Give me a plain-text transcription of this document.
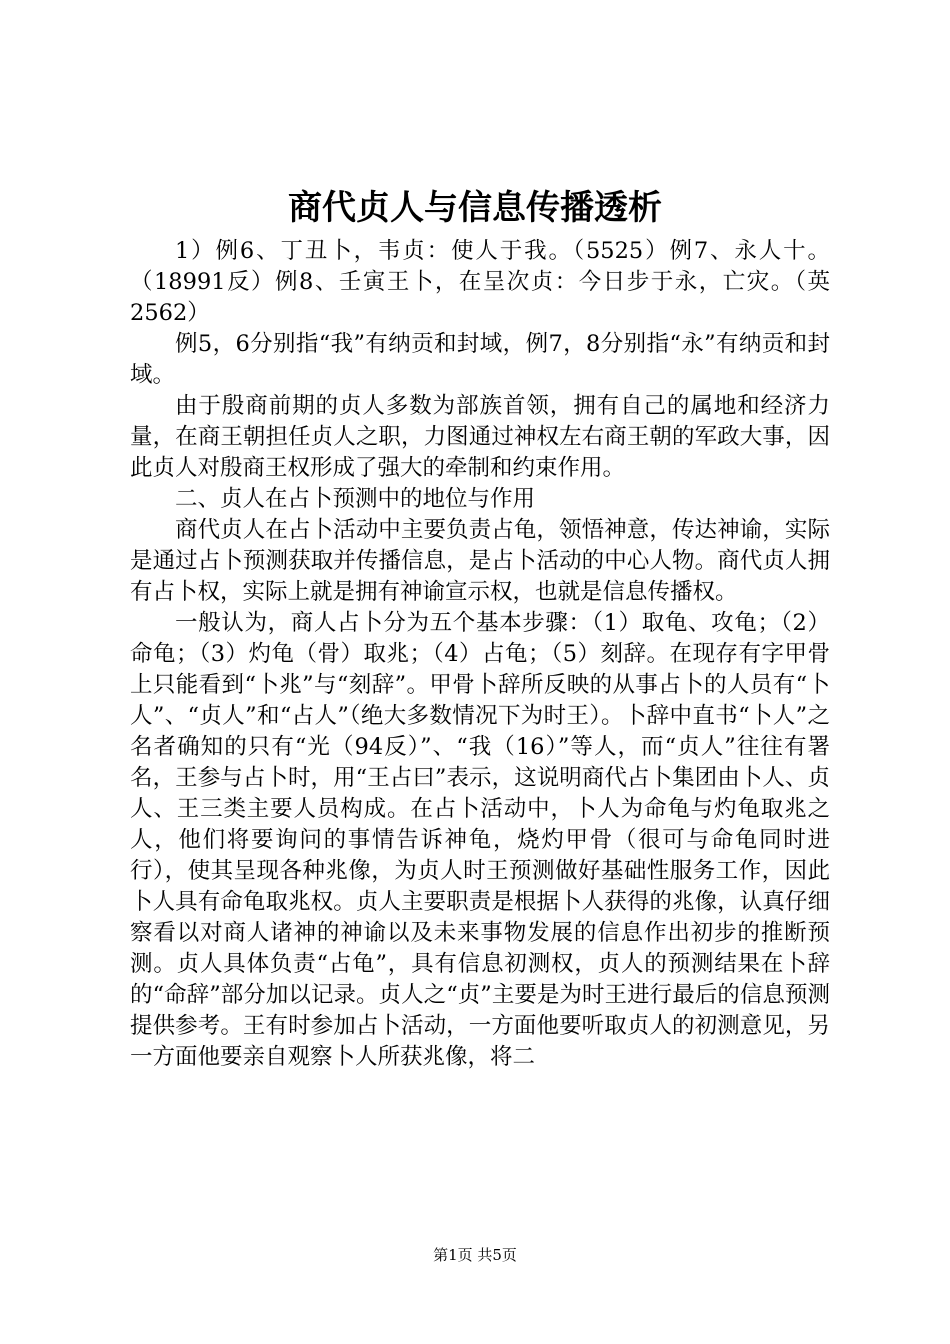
商代贞人与信息传播透析

1）例6、丁丑卜，韦贞：使人于我。（5525）例7、永人十。（18991反）例8、壬寅王卜，在呈次贞：今日步于永，亡灾。（英2562）

例5，6分别指“我”有纳贡和封域，例7，8分别指“永”有纳贡和封域。

由于殷商前期的贞人多数为部族首领，拥有自己的属地和经济力量，在商王朝担任贞人之职，力图通过神权左右商王朝的军政大事，因此贞人对殷商王权形成了强大的牵制和约束作用。

二、贞人在占卜预测中的地位与作用

商代贞人在占卜活动中主要负责占龟，领悟神意，传达神谕，实际是通过占卜预测获取并传播信息，是占卜活动的中心人物。商代贞人拥有占卜权，实际上就是拥有神谕宣示权，也就是信息传播权。

一般认为，商人占卜分为五个基本步骤：（1）取龟、攻龟；（2）命龟；（3）灼龟（骨）取兆；（4）占龟；（5）刻辞。在现存有字甲骨上只能看到“卜兆”与“刻辞”。甲骨卜辞所反映的从事占卜的人员有“卜人”、“贞人”和“占人”（绝大多数情况下为时王）。卜辞中直书“卜人”之名者确知的只有“光（94反）”、“我（16）”等人，而“贞人”往往有署名，王参与占卜时，用“王占曰”表示，这说明商代占卜集团由卜人、贞人、王三类主要人员构成。在占卜活动中，卜人为命龟与灼龟取兆之人，他们将要询问的事情告诉神龟，烧灼甲骨（很可与命龟同时进行），使其呈现各种兆像，为贞人时王预测做好基础性服务工作，因此卜人具有命龟取兆权。贞人主要职责是根据卜人获得的兆像，认真仔细察看以对商人诸神的神谕以及未来事物发展的信息作出初步的推断预测。贞人具体负责“占龟”，具有信息初测权，贞人的预测结果在卜辞的“命辞”部分加以记录。贞人之“贞”主要是为时王进行最后的信息预测提供参考。王有时参加占卜活动，一方面他要听取贞人的初测意见，另一方面他要亲自观察卜人所获兆像，将二

第1页 共5页
